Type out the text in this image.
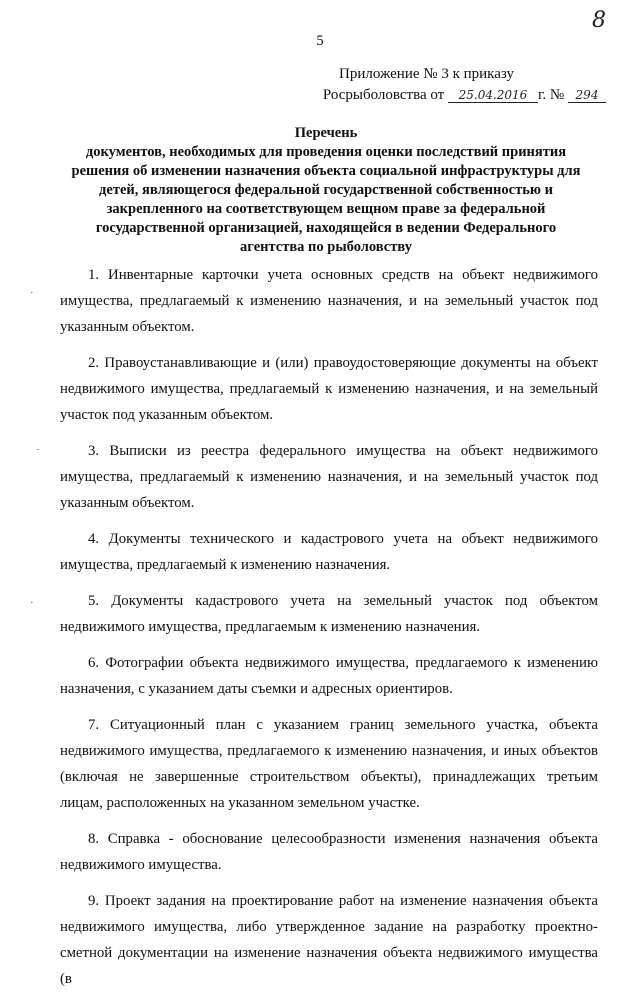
8
5
Приложение № 3 к приказу
Росрыболовства от 25.04.2016 г. № 294
Перечень
документов, необходимых для проведения оценки последствий принятия
решения об изменении назначения объекта социальной инфраструктуры для
детей, являющегося федеральной государственной собственностью и
закрепленного на соответствующем вещном праве за федеральной
государственной организацией, находящейся в ведении Федерального
агентства по рыболовству
˙
˙
˙

1. Инвентарные карточки учета основных средств на объект недвижимого имущества, предлагаемый к изменению назначения, и на земельный участок под указанным объектом.

2. Правоустанавливающие и (или) правоудостоверяющие документы на объект недвижимого имущества, предлагаемый к изменению назначения, и на земельный участок под указанным объектом.

3. Выписки из реестра федерального имущества на объект недвижимого имущества, предлагаемый к изменению назначения, и на земельный участок под указанным объектом.

4. Документы технического и кадастрового учета на объект недвижимого имущества, предлагаемый к изменению назначения.

5. Документы кадастрового учета на земельный участок под объектом недвижимого имущества, предлагаемым к изменению назначения.

6. Фотографии объекта недвижимого имущества, предлагаемого к изменению назначения, с указанием даты съемки и адресных ориентиров.

7. Ситуационный план с указанием границ земельного участка, объекта недвижимого имущества, предлагаемого к изменению назначения, и иных объектов (включая не завершенные строительством объекты), принадлежащих третьим лицам, расположенных на указанном земельном участке.

8. Справка - обоснование целесообразности изменения назначения объекта недвижимого имущества.

9. Проект задания на проектирование работ на изменение назначения объекта недвижимого имущества, либо утвержденное задание на разработку проектно-сметной документации на изменение назначения объекта недвижимого имущества (в
